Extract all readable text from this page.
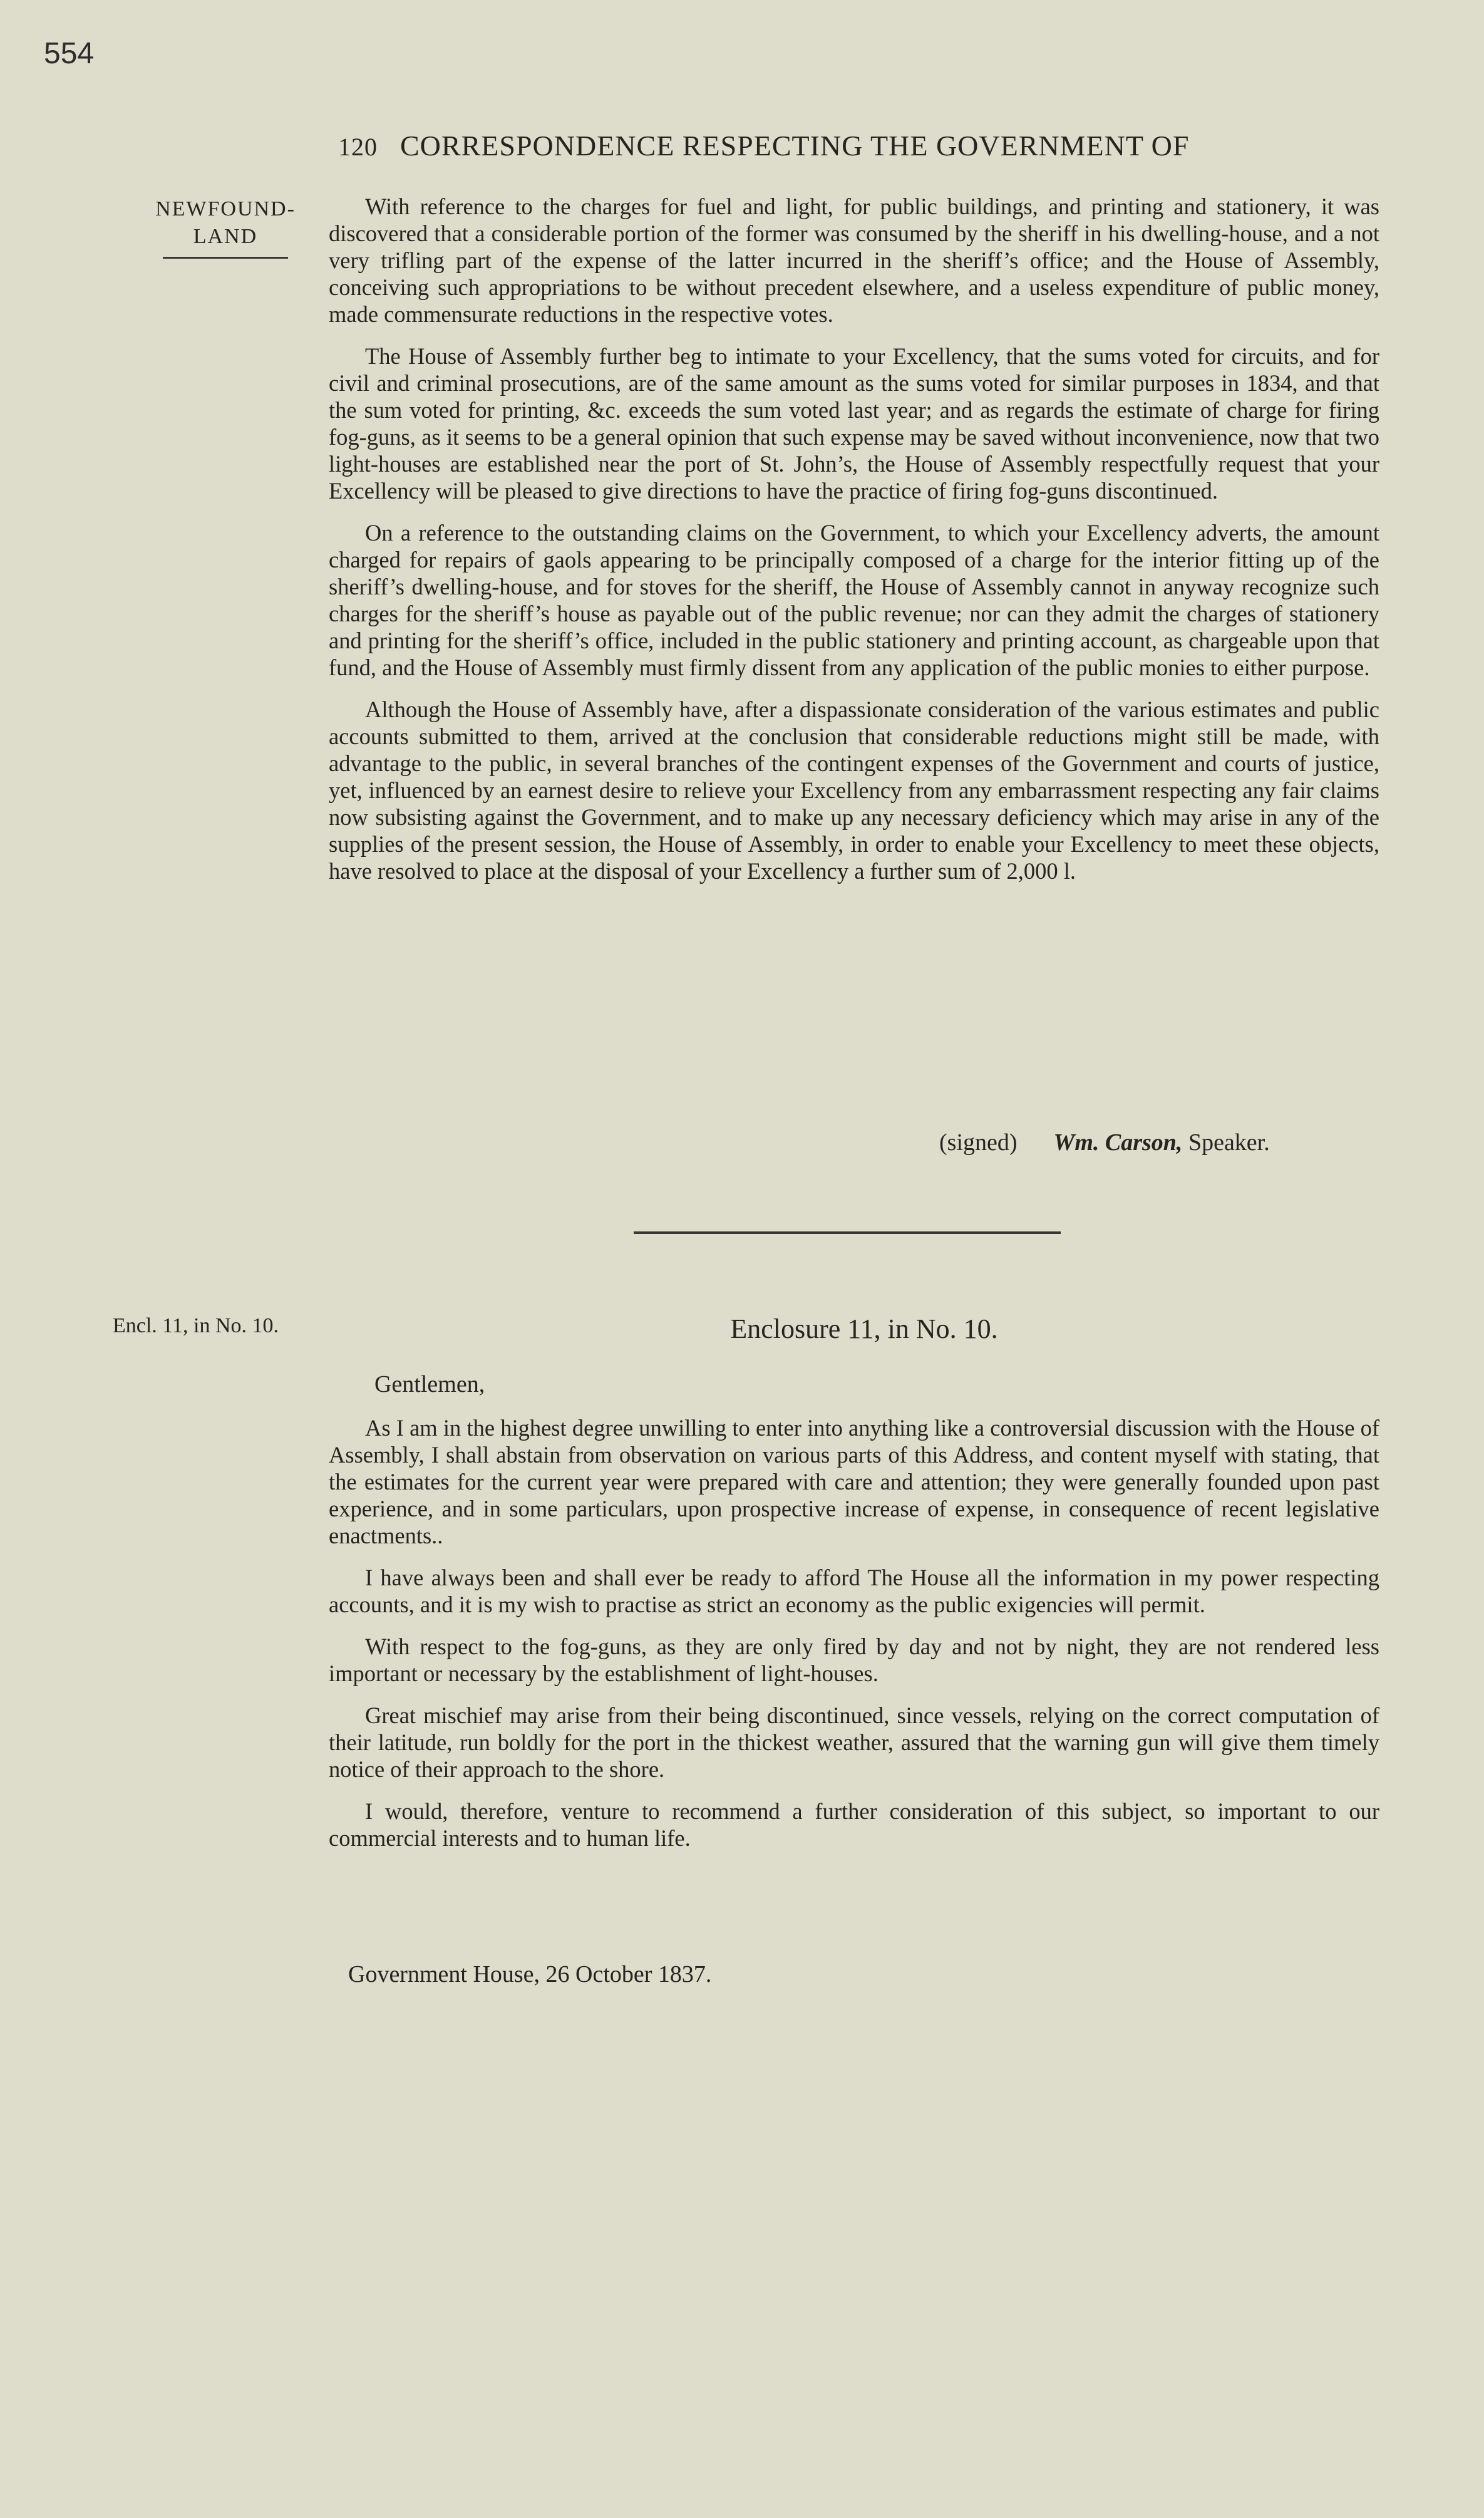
554
120 CORRESPONDENCE RESPECTING THE GOVERNMENT OF
NEWFOUND-
LAND

With reference to the charges for fuel and light, for public buildings, and printing and stationery, it was discovered that a considerable portion of the former was consumed by the sheriff in his dwelling-house, and a not very trifling part of the expense of the latter incurred in the sheriff’s office; and the House of Assembly, conceiving such appropriations to be without precedent elsewhere, and a useless expenditure of public money, made commensurate reductions in the respective votes.

The House of Assembly further beg to intimate to your Excellency, that the sums voted for circuits, and for civil and criminal prosecutions, are of the same amount as the sums voted for similar purposes in 1834, and that the sum voted for printing, &c. exceeds the sum voted last year; and as regards the estimate of charge for firing fog-guns, as it seems to be a general opinion that such expense may be saved without inconvenience, now that two light-houses are established near the port of St. John’s, the House of Assembly respectfully request that your Excellency will be pleased to give directions to have the practice of firing fog-guns discontinued.

On a reference to the outstanding claims on the Government, to which your Excellency adverts, the amount charged for repairs of gaols appearing to be principally composed of a charge for the interior fitting up of the sheriff’s dwelling-house, and for stoves for the sheriff, the House of Assembly cannot in anyway recognize such charges for the sheriff’s house as payable out of the public revenue; nor can they admit the charges of stationery and printing for the sheriff’s office, included in the public stationery and printing account, as chargeable upon that fund, and the House of Assembly must firmly dissent from any application of the public monies to either purpose.

Although the House of Assembly have, after a dispassionate consideration of the various estimates and public accounts submitted to them, arrived at the conclusion that considerable reductions might still be made, with advantage to the public, in several branches of the contingent expenses of the Government and courts of justice, yet, influenced by an earnest desire to relieve your Excellency from any embarrassment respecting any fair claims now subsisting against the Government, and to make up any necessary deficiency which may arise in any of the supplies of the present session, the House of Assembly, in order to enable your Excellency to meet these objects, have resolved to place at the disposal of your Excellency a further sum of 2,000 l.

(signed) Wm. Carson, Speaker.
Encl. 11, in No. 10.	Enclosure 11, in No. 10.
Gentlemen,

As I am in the highest degree unwilling to enter into anything like a controversial discussion with the House of Assembly, I shall abstain from observation on various parts of this Address, and content myself with stating, that the estimates for the current year were prepared with care and attention; they were generally founded upon past experience, and in some particulars, upon prospective increase of expense, in consequence of recent legislative enactments..

I have always been and shall ever be ready to afford The House all the information in my power respecting accounts, and it is my wish to practise as strict an economy as the public exigencies will permit.

With respect to the fog-guns, as they are only fired by day and not by night, they are not rendered less important or necessary by the establishment of light-houses.

Great mischief may arise from their being discontinued, since vessels, relying on the correct computation of their latitude, run boldly for the port in the thickest weather, assured that the warning gun will give them timely notice of their approach to the shore.

I would, therefore, venture to recommend a further consideration of this subject, so important to our commercial interests and to human life.

Government House, 26 October 1837.
